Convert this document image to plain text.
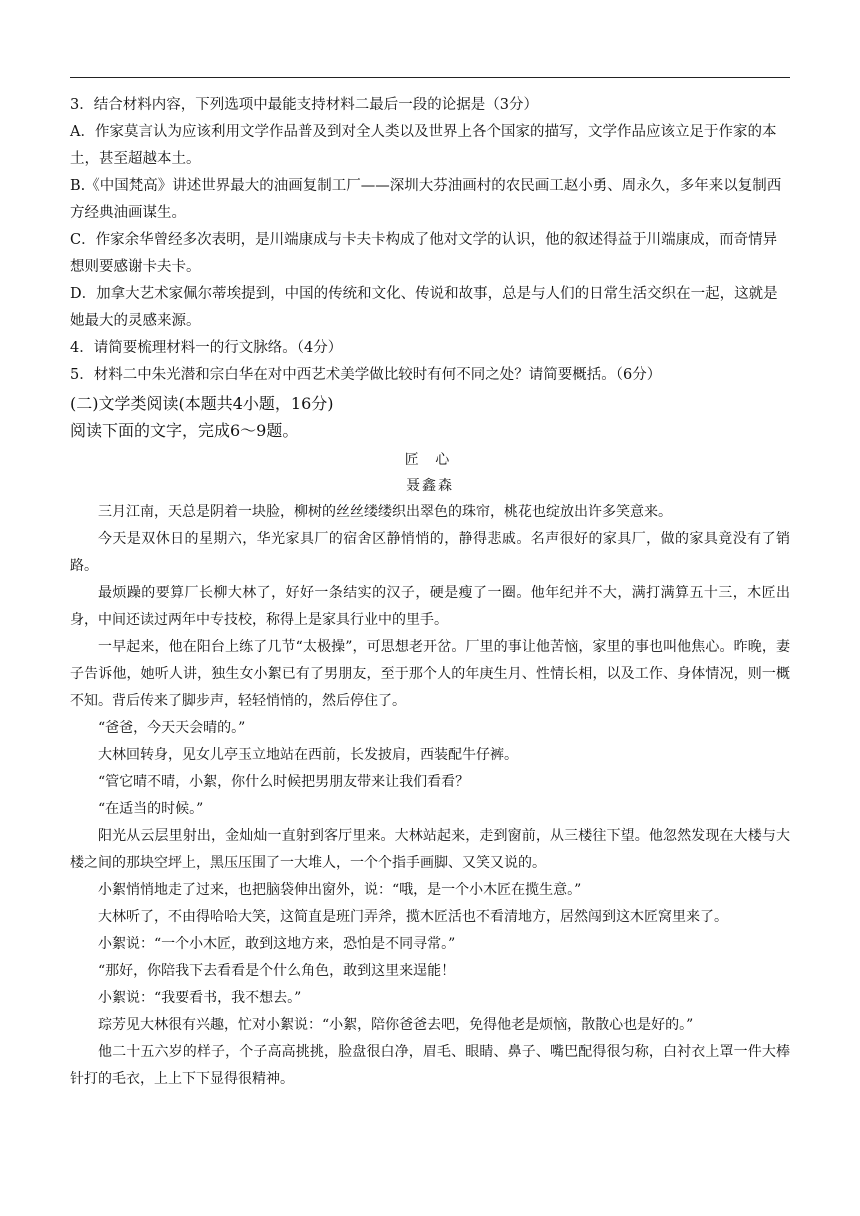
3．结合材料内容，下列选项中最能支持材料二最后一段的论据是（3分）

A．作家莫言认为应该利用文学作品普及到对全人类以及世界上各个国家的描写，文学作品应该立足于作家的本土，甚至超越本土。

B.《中国梵高》讲述世界最大的油画复制工厂——深圳大芬油画村的农民画工赵小勇、周永久，多年来以复制西方经典油画谋生。

C．作家余华曾经多次表明，是川端康成与卡夫卡构成了他对文学的认识，他的叙述得益于川端康成，而奇情异想则要感谢卡夫卡。

D．加拿大艺术家佩尔蒂埃提到，中国的传统和文化、传说和故事，总是与人们的日常生活交织在一起，这就是她最大的灵感来源。

4．请简要梳理材料一的行文脉络。（4分）

5．材料二中朱光潜和宗白华在对中西艺术美学做比较时有何不同之处？请简要概括。（6分）

(二)文学类阅读(本题共4小题，16分)

阅读下面的文字，完成6～9题。

匠 心

聂鑫森

三月江南，天总是阴着一块脸，柳树的丝丝缕缕织出翠色的珠帘，桃花也绽放出许多笑意来。

今天是双休日的星期六，华光家具厂的宿舍区静悄悄的，静得悲戚。名声很好的家具厂，做的家具竟没有了销路。

最烦躁的要算厂长柳大林了，好好一条结实的汉子，硬是瘦了一圈。他年纪并不大，满打满算五十三，木匠出身，中间还读过两年中专技校，称得上是家具行业中的里手。

一早起来，他在阳台上练了几节“太极操”，可思想老开岔。厂里的事让他苦恼，家里的事也叫他焦心。昨晚，妻子告诉他，她听人讲，独生女小絮已有了男朋友，至于那个人的年庚生月、性情长相，以及工作、身体情况，则一概不知。背后传来了脚步声，轻轻悄悄的，然后停住了。

“爸爸，今天天会晴的。”

大林回转身，见女儿亭玉立地站在西前，长发披肩，西装配牛仔裤。

“管它晴不晴，小絮，你什么时候把男朋友带来让我们看看？

“在适当的时候。”

阳光从云层里射出，金灿灿一直射到客厅里来。大林站起来，走到窗前，从三楼往下望。他忽然发现在大楼与大楼之间的那块空坪上，黑压压围了一大堆人，一个个指手画脚、又笑又说的。

小絮悄悄地走了过来，也把脑袋伸出窗外，说：“哦，是一个小木匠在揽生意。”

大林听了，不由得哈哈大笑，这简直是班门弄斧，揽木匠活也不看清地方，居然闯到这木匠窝里来了。

小絮说：“一个小木匠，敢到这地方来，恐怕是不同寻常。”

“那好，你陪我下去看看是个什么角色，敢到这里来逞能！

小絮说：“我要看书，我不想去。”

琮芳见大林很有兴趣，忙对小絮说：“小絮，陪你爸爸去吧，免得他老是烦恼，散散心也是好的。”

他二十五六岁的样子，个子高高挑挑，脸盘很白净，眉毛、眼睛、鼻子、嘴巴配得很匀称，白衬衣上罩一件大棒针打的毛衣，上上下下显得很精神。
